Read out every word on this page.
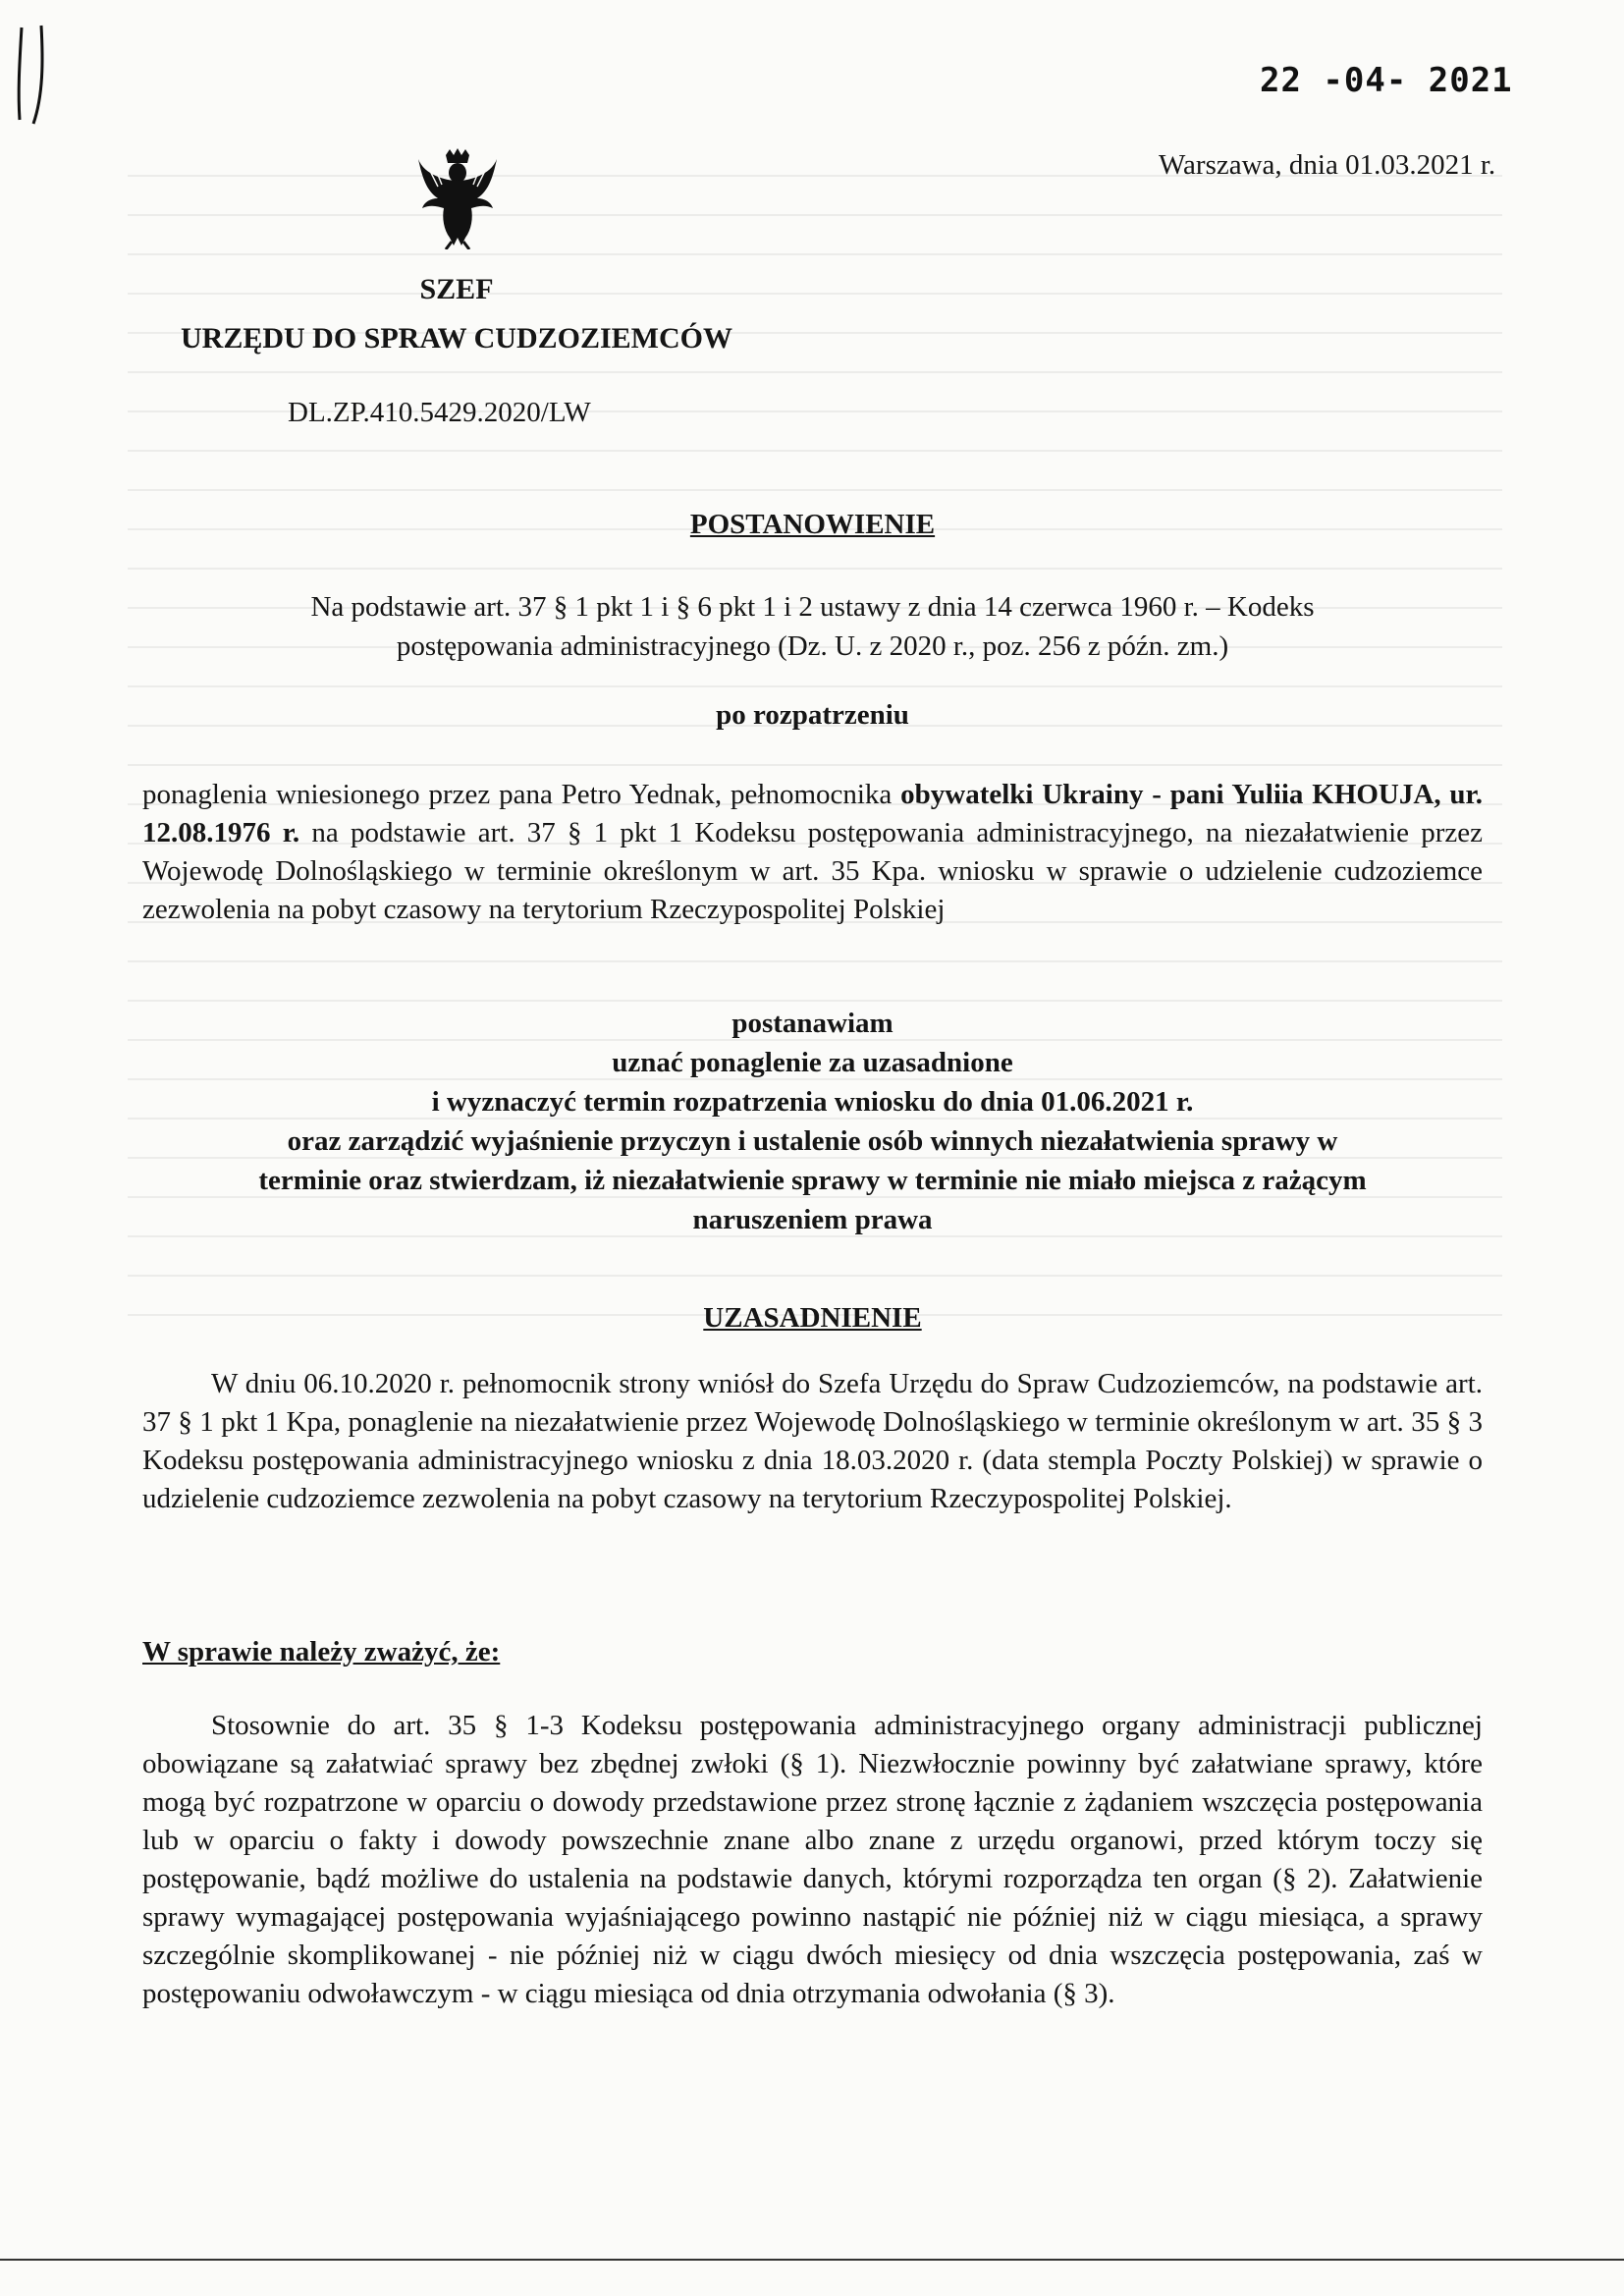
22 -04- 2021
Warszawa, dnia 01.03.2021 r.
SZEF
URZĘDU DO SPRAW CUDZOZIEMCÓW
DL.ZP.410.5429.2020/LW
POSTANOWIENIE
Na podstawie art. 37 § 1 pkt 1 i § 6 pkt 1 i 2 ustawy z dnia 14 czerwca 1960 r. – Kodeks
postępowania administracyjnego (Dz. U. z 2020 r., poz. 256 z późn. zm.)
po rozpatrzeniu
ponaglenia wniesionego przez pana Petro Yednak, pełnomocnika obywatelki Ukrainy - pani Yuliia KHOUJA, ur. 12.08.1976 r. na podstawie art. 37 § 1 pkt 1 Kodeksu postępowania administracyjnego, na niezałatwienie przez Wojewodę Dolnośląskiego w terminie określonym w art. 35 Kpa. wniosku w sprawie o udzielenie cudzoziemce zezwolenia na pobyt czasowy na terytorium Rzeczypospolitej Polskiej
postanawiam
uznać ponaglenie za uzasadnione
i wyznaczyć termin rozpatrzenia wniosku do dnia 01.06.2021 r.
oraz zarządzić wyjaśnienie przyczyn i ustalenie osób winnych niezałatwienia sprawy w
terminie oraz stwierdzam, iż niezałatwienie sprawy w terminie nie miało miejsca z rażącym
naruszeniem prawa
UZASADNIENIE
W dniu 06.10.2020 r. pełnomocnik strony wniósł do Szefa Urzędu do Spraw Cudzoziemców, na podstawie art. 37 § 1 pkt 1 Kpa, ponaglenie na niezałatwienie przez Wojewodę Dolnośląskiego w terminie określonym w art. 35 § 3 Kodeksu postępowania administracyjnego wniosku z dnia 18.03.2020 r. (data stempla Poczty Polskiej) w sprawie o udzielenie cudzoziemce zezwolenia na pobyt czasowy na terytorium Rzeczypospolitej Polskiej.
W sprawie należy zważyć, że:
Stosownie do art. 35 § 1-3 Kodeksu postępowania administracyjnego organy administracji publicznej obowiązane są załatwiać sprawy bez zbędnej zwłoki (§ 1). Niezwłocznie powinny być załatwiane sprawy, które mogą być rozpatrzone w oparciu o dowody przedstawione przez stronę łącznie z żądaniem wszczęcia postępowania lub w oparciu o fakty i dowody powszechnie znane albo znane z urzędu organowi, przed którym toczy się postępowanie, bądź możliwe do ustalenia na podstawie danych, którymi rozporządza ten organ (§ 2). Załatwienie sprawy wymagającej postępowania wyjaśniającego powinno nastąpić nie później niż w ciągu miesiąca, a sprawy szczególnie skomplikowanej - nie później niż w ciągu dwóch miesięcy od dnia wszczęcia postępowania, zaś w postępowaniu odwoławczym - w ciągu miesiąca od dnia otrzymania odwołania (§ 3).
